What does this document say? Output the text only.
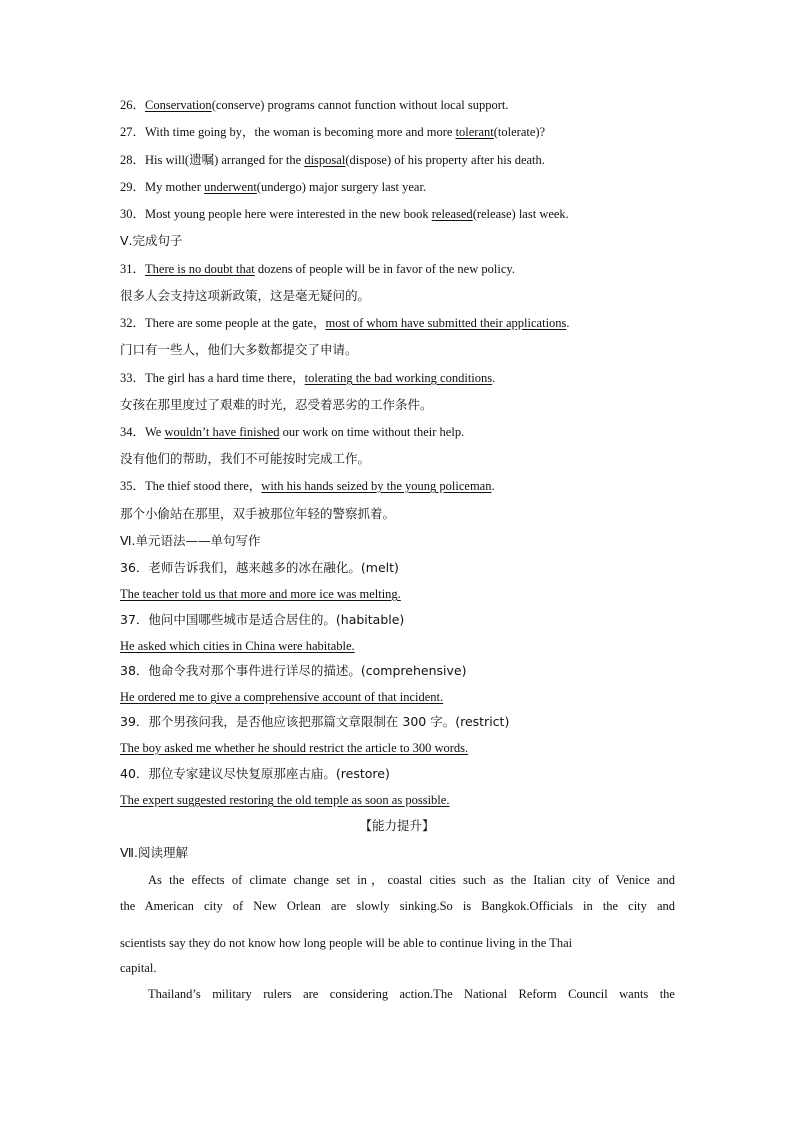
26．Conservation(conserve) programs cannot function without local support.
27．With time going by，the woman is becoming more and more tolerant(tolerate)?
28．His will(遗嘱) arranged for the disposal(dispose) of his property after his death.
29．My mother underwent(undergo) major surgery last year.
30．Most young people here were interested in the new book released(release) last week.
Ⅴ.完成句子
31．There is no doubt that dozens of people will be in favor of the new policy.
很多人会支持这项新政策，这是毫无疑问的。
32．There are some people at the gate，most of whom have submitted their applications.
门口有一些人，他们大多数都提交了申请。
33．The girl has a hard time there，tolerating the bad working conditions.
女孩在那里度过了艰难的时光，忍受着恶劣的工作条件。
34．We wouldn’t have finished our work on time without their help.
没有他们的帮助，我们不可能按时完成工作。
35．The thief stood there，with his hands seized by the young policeman.
那个小偷站在那里，双手被那位年轻的警察抓着。
Ⅵ.单元语法——单句写作
36．老师告诉我们，越来越多的冰在融化。(melt)
The teacher told us that more and more ice was melting.
37．他问中国哪些城市是适合居住的。(habitable)
He asked which cities in China were habitable.
38．他命令我对那个事件进行详尽的描述。(comprehensive)
He ordered me to give a comprehensive account of that incident.
39．那个男孩问我，是否他应该把那篇文章限制在 300 字。(restrict)
The boy asked me whether he should restrict the article to 300 words.
40．那位专家建议尽快复原那座古庙。(restore)
The expert suggested restoring the old temple as soon as possible.
【能力提升】
Ⅶ.阅读理解
As the effects of climate change set in，coastal cities such as the Italian city of Venice and
the American city of New Orlean are slowly sinking.So is Bangkok.Officials in the city and
scientists say they do not know how long people will be able to continue living in the Thai
capital.
Thailand’s military rulers are considering action.The National Reform Council wants the
